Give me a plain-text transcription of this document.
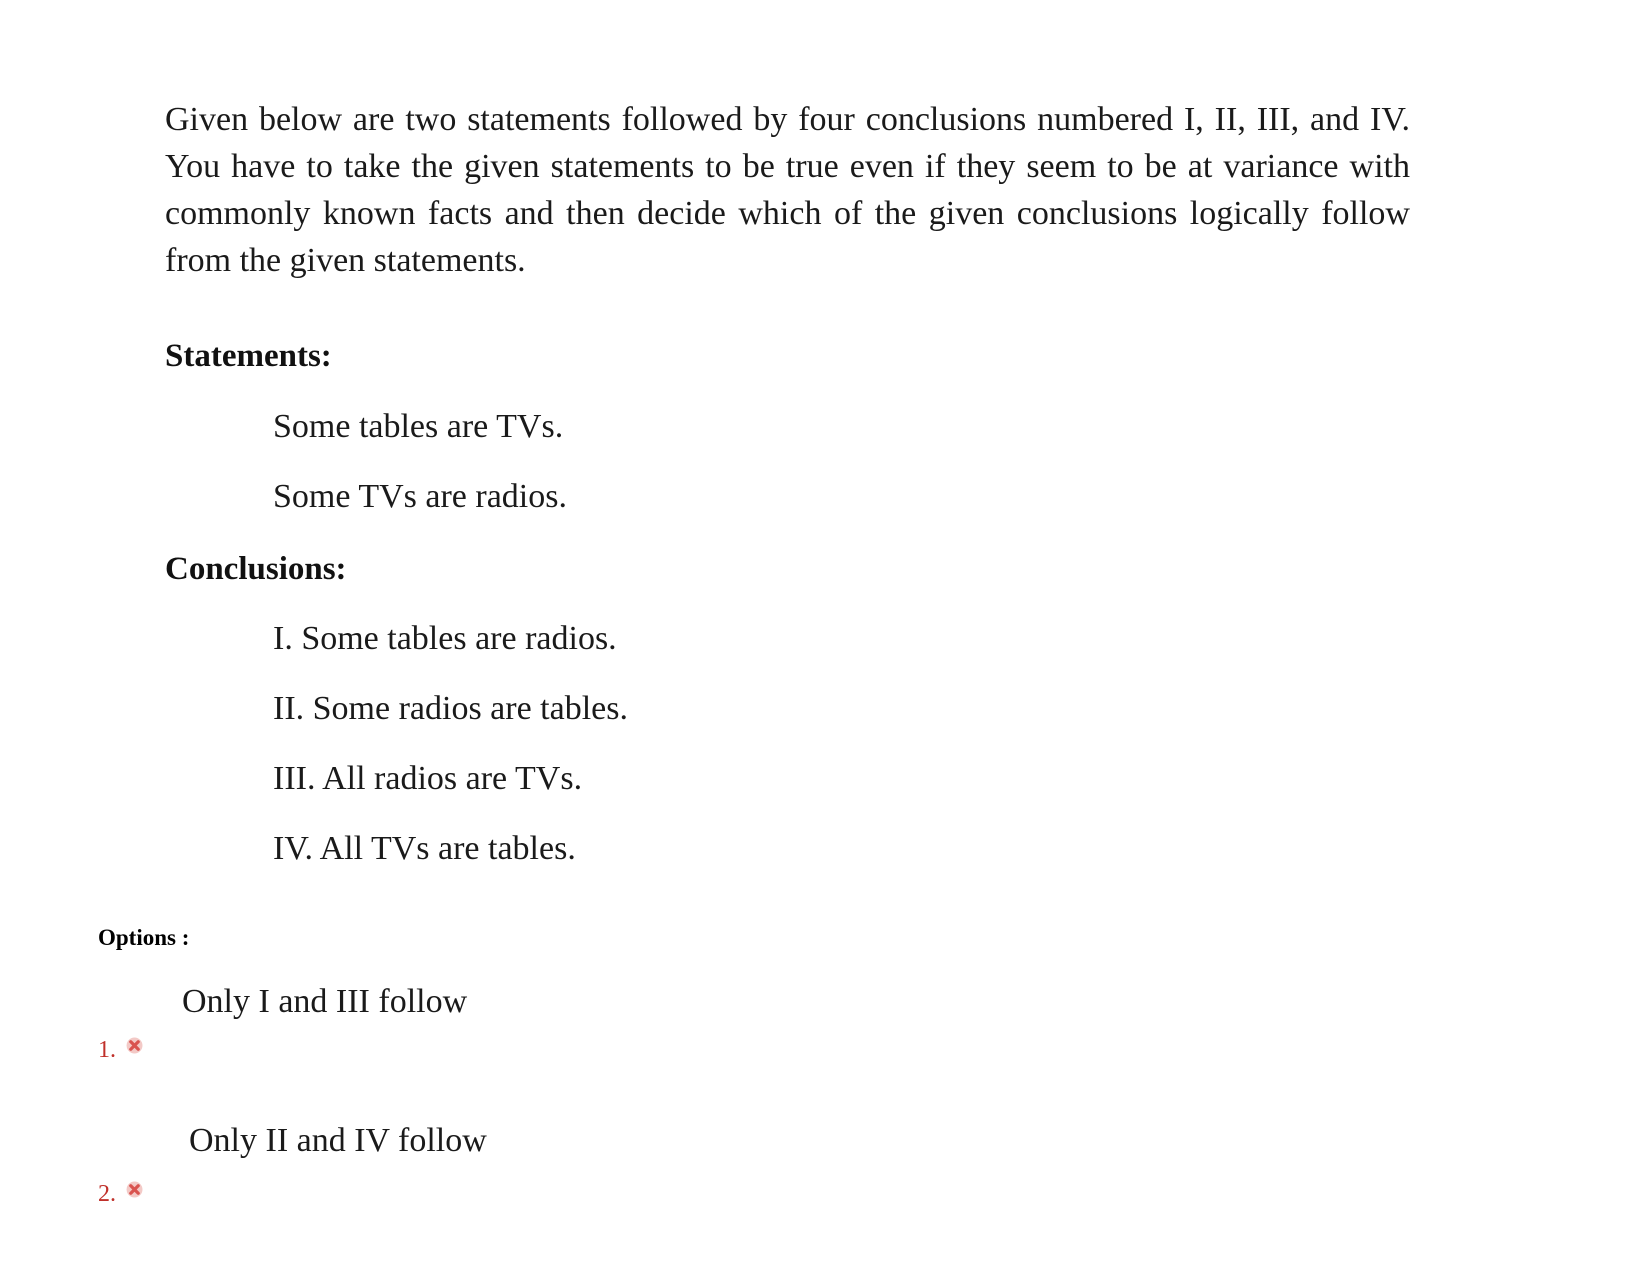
Given below are two statements followed by four conclusions numbered I, II, III, and IV. You have to take the given statements to be true even if they seem to be at variance with commonly known facts and then decide which of the given conclusions logically follow from the given statements.

Statements:

Some tables are TVs.

Some TVs are radios.

Conclusions:

I. Some tables are radios.

II. Some radios are tables.

III. All radios are TVs.

IV. All TVs are tables.

Options :

Only I and III follow

1.

Only II and IV follow

2.
